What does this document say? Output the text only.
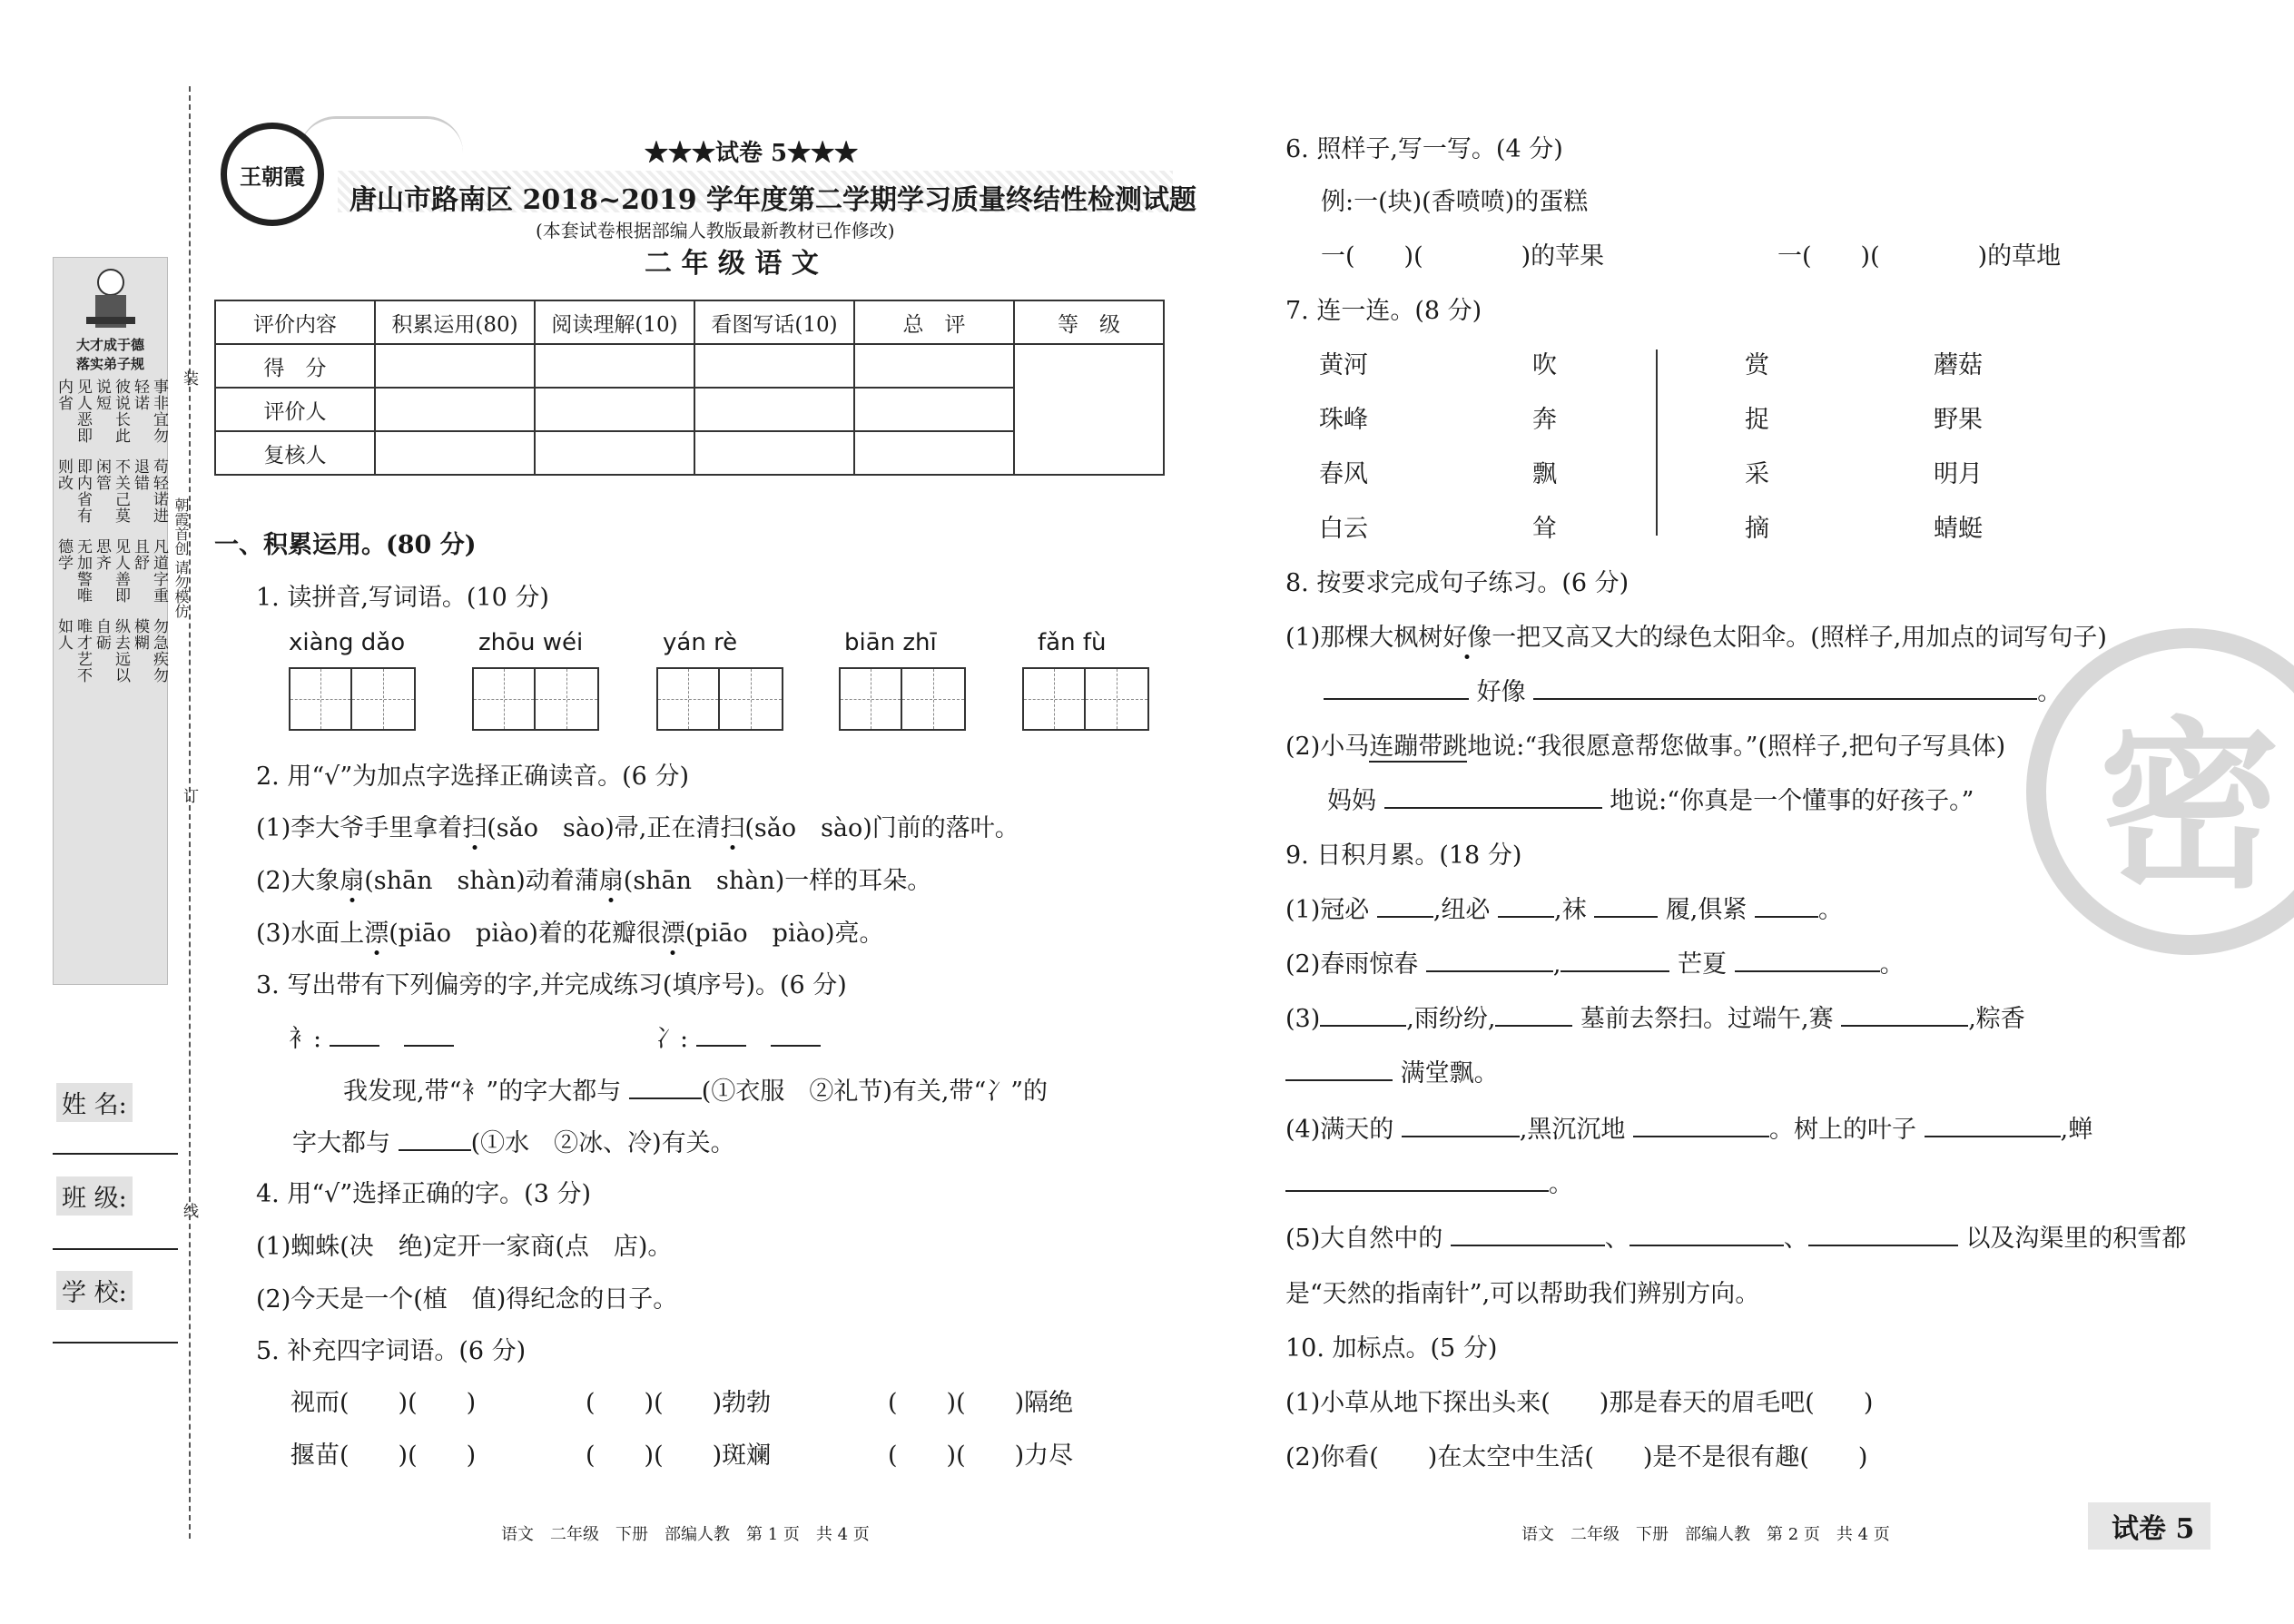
大才成于德
落实弟子规
见人恶即内省	彼说长此说短	事非宜勿轻诺
即内省有则改	不关己莫闲管	苟轻诺进退错
无加警唯德学	见人善即思齐	凡道字重且舒
唯才艺不如人	纵去远以自砺	勿急疾勿模糊
装
订
线
朝霞首创 请勿模仿
姓 名:
班 级:
学 校:
王朝霞
★★★试卷 5★★★
唐山市路南区 2018~2019 学年度第二学期学习质量终结性检测试题
(本套试卷根据部编人教版最新教材已作修改)
二 年 级 语 文
评价内容	积累运用(80)	阅读理解(10)	看图写话(10)	总　评	等　级
得　分					
评价人					
复核人					
一、积累运用。(80 分)
1. 读拼音,写词语。(10 分)
xiàng dǎo	zhōu wéi	yán rè	biān zhī	fǎn fù
2. 用“√”为加点字选择正确读音。(6 分)
(1)李大爷手里拿着扫(sǎo　sào)帚,正在清扫(sǎo　sào)门前的落叶。
(2)大象扇(shān　shàn)动着蒲扇(shān　shàn)一样的耳朵。
(3)水面上漂(piāo　piào)着的花瓣很漂(piāo　piào)亮。
3. 写出带有下列偏旁的字,并完成练习(填序号)。(6 分)
衤: 　	冫: 　
我发现,带“衤”的字大都与	(①衣服　②礼节)有关,带“冫”的
字大都与	(①水　②冰、冷)有关。
4. 用“√”选择正确的字。(3 分)
(1)蜘蛛(决　绝)定开一家商(点　店)。
(2)今天是一个(植　值)得纪念的日子。
5. 补充四字词语。(6 分)
视而(　　)(　　)	(　　)(　　)勃勃	(　　)(　　)隔绝
揠苗(　　)(　　)	(　　)(　　)斑斓	(　　)(　　)力尽
语文　二年级　下册　部编人教　第 1 页　共 4 页
密
6. 照样子,写一写。(4 分)
例:一(块)(香喷喷)的蛋糕
一(　　)(　　　　)的苹果	一(　　)(　　　　)的草地
7. 连一连。(8 分)
黄河
珠峰
春风
白云
吹
奔
飘
耸
赏
捉
采
摘
蘑菇
野果
明月
蜻蜓
8. 按要求完成句子练习。(6 分)
(1)那棵大枫树好像一把又高又大的绿色太阳伞。(照样子,用加点的词写句子)
好像	。
(2)小马连蹦带跳地说:“我很愿意帮您做事。”(照样子,把句子写具体)
妈妈	地说:“你真是一个懂事的好孩子。”
9. 日积月累。(18 分)
(1)冠必	,纽必	,袜	履,俱紧	。
(2)春雨惊春	,	芒夏	。
(3)	,雨纷纷,	墓前去祭扫。过端午,赛	,粽香
满堂飘。
(4)满天的	,黑沉沉地	。树上的叶子	,蝉
。
(5)大自然中的	、	、	以及沟渠里的积雪都
是“天然的指南针”,可以帮助我们辨别方向。
10. 加标点。(5 分)
(1)小草从地下探出头来(　　)那是春天的眉毛吧(　　)
(2)你看(　　)在太空中生活(　　)是不是很有趣(　　)
语文　二年级　下册　部编人教　第 2 页　共 4 页	试卷 5
